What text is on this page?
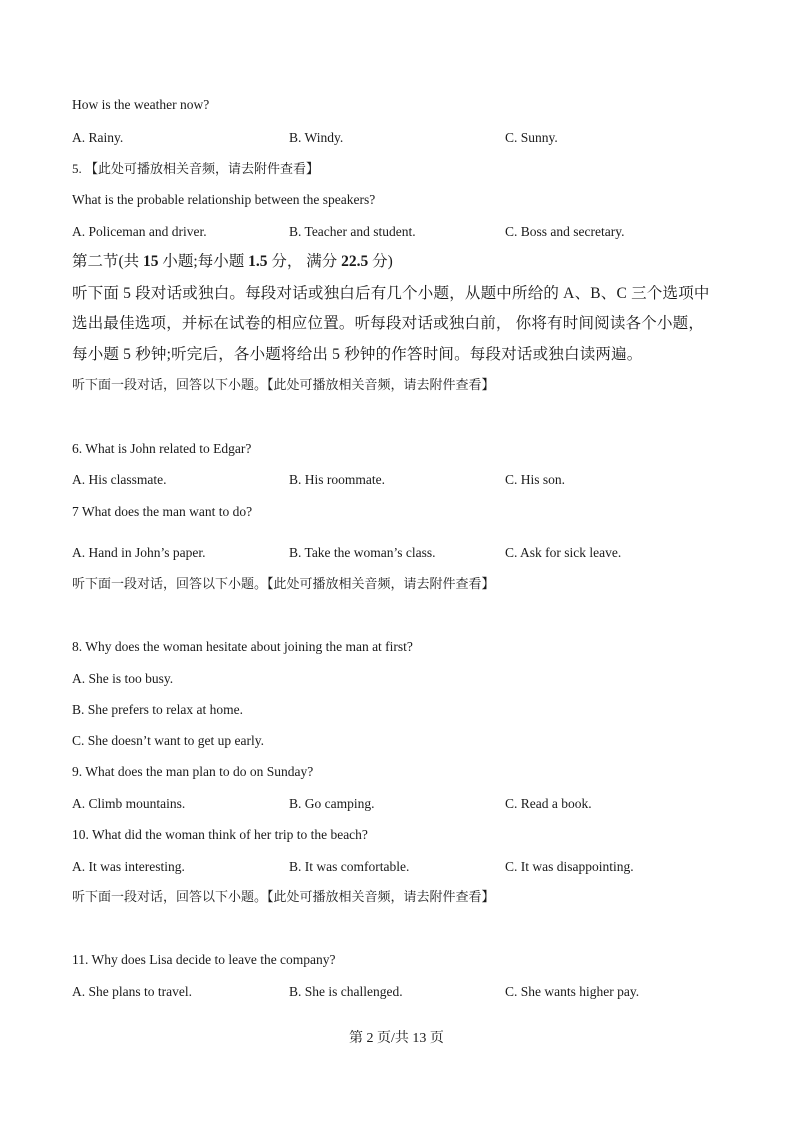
How is the weather now?
A. Rainy.	B. Windy.	C. Sunny.
5. 【此处可播放相关音频，请去附件查看】
What is the probable relationship between the speakers?
A. Policeman and driver.	B. Teacher and student.	C. Boss and secretary.
第二节(共 15 小题;每小题 1.5 分， 满分 22.5 分)
听下面 5 段对话或独白。每段对话或独白后有几个小题，从题中所给的 A、B、C 三个选项中
选出最佳选项，并标在试卷的相应位置。听每段对话或独白前， 你将有时间阅读各个小题，
每小题 5 秒钟;听完后，各小题将给出 5 秒钟的作答时间。每段对话或独白读两遍。
听下面一段对话，回答以下小题。【此处可播放相关音频，请去附件查看】
6. What is John related to Edgar?
A. His classmate.	B. His roommate.	C. His son.
7 What does the man want to do?
A. Hand in John’s paper.	B. Take the woman’s class.	C. Ask for sick leave.
听下面一段对话，回答以下小题。【此处可播放相关音频，请去附件查看】
8. Why does the woman hesitate about joining the man at first?
A. She is too busy.
B. She prefers to relax at home.
C. She doesn’t want to get up early.
9. What does the man plan to do on Sunday?
A. Climb mountains.	B. Go camping.	C. Read a book.
10. What did the woman think of her trip to the beach?
A. It was interesting.	B. It was comfortable.	C. It was disappointing.
听下面一段对话，回答以下小题。【此处可播放相关音频，请去附件查看】
11. Why does Lisa decide to leave the company?
A. She plans to travel.	B. She is challenged.	C. She wants higher pay.
第 2 页/共 13 页
